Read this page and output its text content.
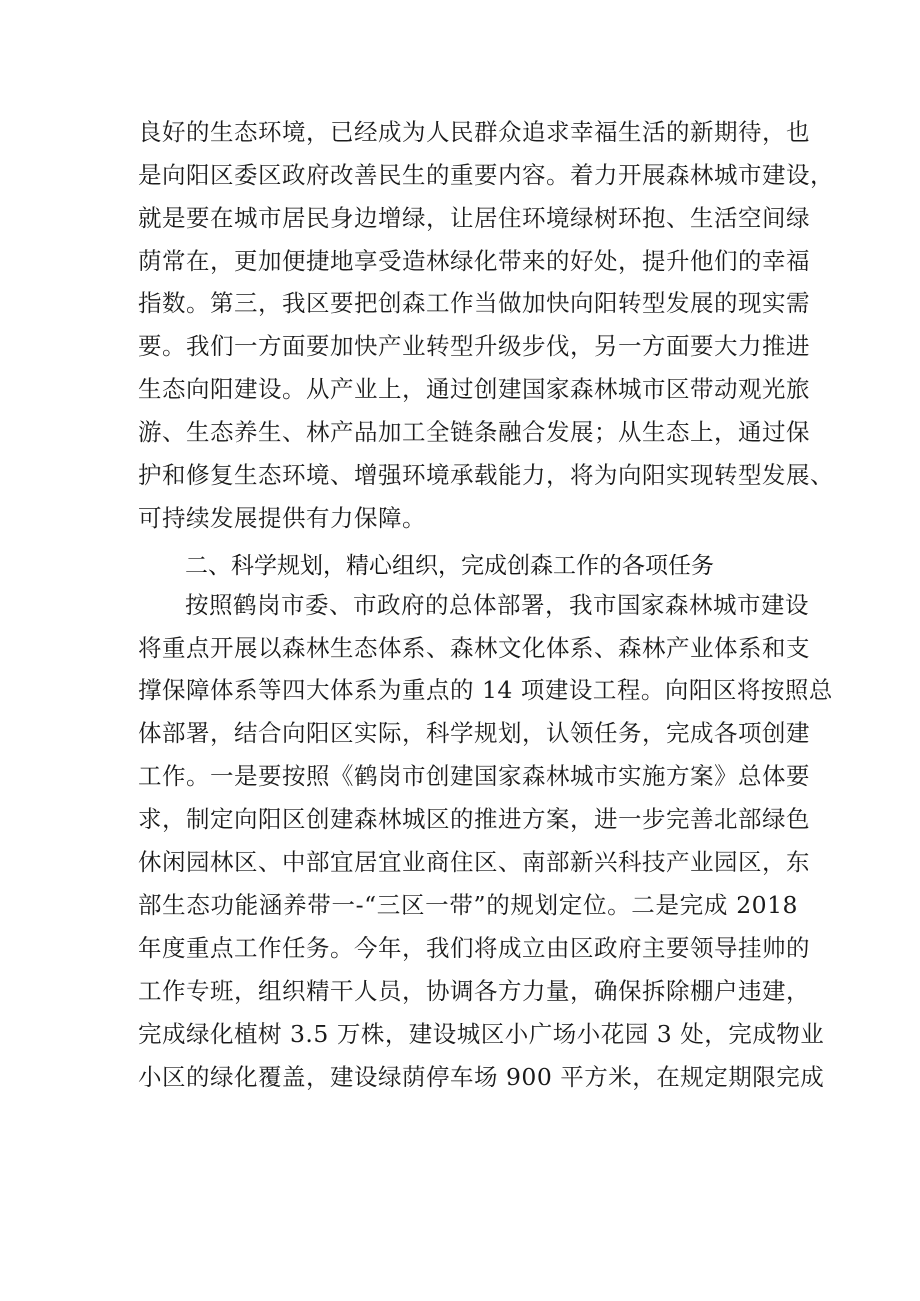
良好的生态环境，已经成为人民群众追求幸福生活的新期待，也
是向阳区委区政府改善民生的重要内容。着力开展森林城市建设，
就是要在城市居民身边增绿，让居住环境绿树环抱、生活空间绿
荫常在，更加便捷地享受造林绿化带来的好处，提升他们的幸福
指数。第三，我区要把创森工作当做加快向阳转型发展的现实需
要。我们一方面要加快产业转型升级步伐，另一方面要大力推进
生态向阳建设。从产业上，通过创建国家森林城市区带动观光旅
游、生态养生、林产品加工全链条融合发展；从生态上，通过保
护和修复生态环境、增强环境承载能力，将为向阳实现转型发展、
可持续发展提供有力保障。
二、科学规划，精心组织，完成创森工作的各项任务
按照鹤岗市委、市政府的总体部署，我市国家森林城市建设
将重点开展以森林生态体系、森林文化体系、森林产业体系和支
撑保障体系等四大体系为重点的 14 项建设工程。向阳区将按照总
体部署，结合向阳区实际，科学规划，认领任务，完成各项创建
工作。一是要按照《鹤岗市创建国家森林城市实施方案》总体要
求，制定向阳区创建森林城区的推进方案，进一步完善北部绿色
休闲园林区、中部宜居宜业商住区、南部新兴科技产业园区，东
部生态功能涵养带一-“三区一带”的规划定位。二是完成 2018
年度重点工作任务。今年，我们将成立由区政府主要领导挂帅的
工作专班，组织精干人员，协调各方力量，确保拆除棚户违建，
完成绿化植树 3.5 万株，建设城区小广场小花园 3 处，完成物业
小区的绿化覆盖，建设绿荫停车场 900 平方米，在规定期限完成
